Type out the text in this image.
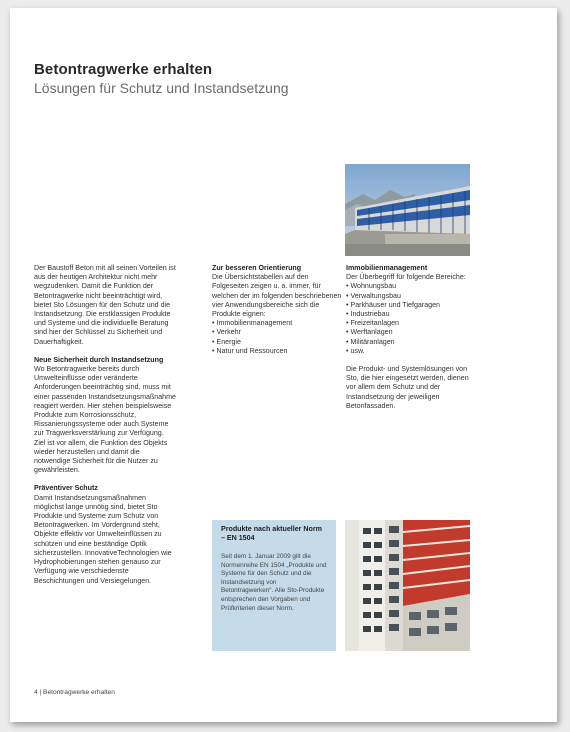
Betontragwerke erhalten
Lösungen für Schutz und Instandsetzung

Der Baustoff Beton mit all seinen Vorteilen ist aus der heutigen Architektur nicht mehr wegzudenken. Damit die Funktion der Betontragwerke nicht beeinträchtigt wird, bietet Sto Lösungen für den Schutz und die Instandsetzung. Die erstklassigen Produkte und Systeme und die individuelle Beratung sind hier der Schlüssel zu Sicherheit und Dauerhaftigkeit.

Neue Sicherheit durch Instandsetzung

Wo Betontragwerke bereits durch Umwelteinflüsse oder veränderte Anforderungen beeinträchtig sind, muss mit einer passenden Instandsetzungsmaßnahme reagiert werden. Hier stehen beispielsweise Produkte zum Korrosionsschutz, Rissanierungssysteme oder auch Systeme zur Tragwerksverstärkung zur Verfügung. Ziel ist vor allem, die Funktion des Objekts wieder herzustellen und damit die notwendige Sicherheit für die Nutzer zu gewährleisten.

Präventiver Schutz

Damit Instandsetzungsmaßnahmen möglichst lange unnötig sind, bietet Sto Produkte und Systeme zum Schutz von Betontragwerken. Im Vordergrund steht, Objekte effektiv vor Umwelteinflüssen zu schützen und eine beständige Optik sicherzustellen. InnovativeTechnologien wie Hydrophobierungen stehen genauso zur Verfügung wie verschiedenste Beschichtungen und Versiegelungen.

Zur besseren Orientierung

Die Übersichtstabellen auf den Folgeseiten zeigen u. a. immer, für welchen der im folgenden beschriebenen vier Anwendungsbereiche sich die Produkte eignen:

• Immobilienmanagement
• Verkehr
• Energie
• Natur und Ressourcen

Immobilienmanagement

Der Überbegriff für folgende Bereiche:

• Wohnungsbau
• Verwaltungsbau
• Parkhäuser und Tiefgaragen
• Industriebau
• Freizeitanlagen
• Werftanlagen
• Militäranlagen
• usw.

Die Produkt- und Systemlösungen von Sto, die hier eingesetzt werden, dienen vor allem dem Schutz und der Instandsetzung der jeweiligen Betonfassaden.

Produkte nach aktueller Norm – EN 1504
Seit dem 1. Januar 2009 gilt die Normenreihe EN 1504 „Produkte und Systeme für den Schutz und die Instandsetzung von Betontragwerken“. Alle Sto-Produkte entsprechen den Vorgaben und Prüfkriterien dieser Norm.
4 | Betontragwerke erhalten
